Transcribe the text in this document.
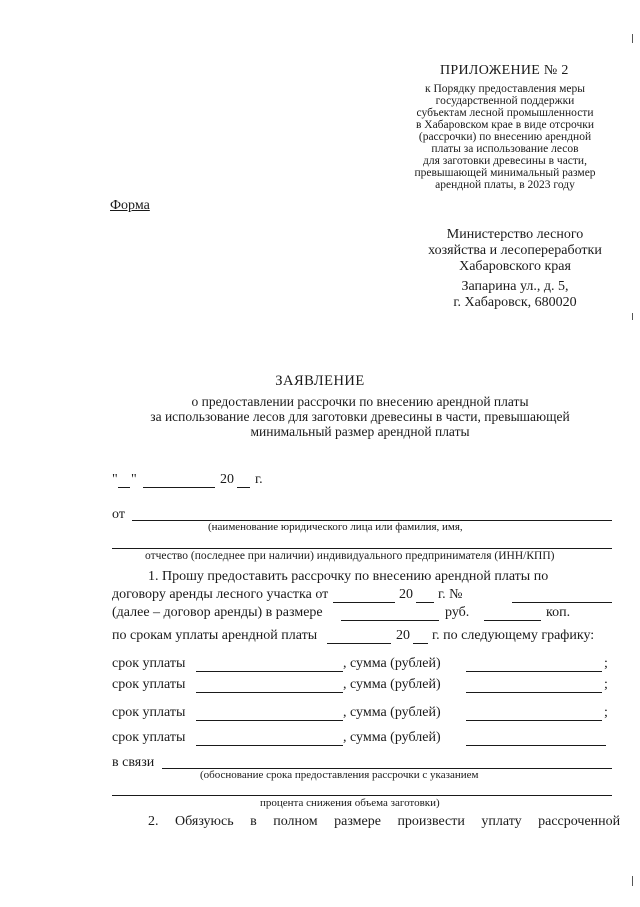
ПРИЛОЖЕНИЕ № 2
к Порядку предоставления меры
государственной поддержки
субъектам лесной промышленности
в Хабаровском крае в виде отсрочки
(рассрочки) по внесению арендной
платы за использование лесов
для заготовки древесины в части,
превышающей минимальный размер
арендной платы, в 2023 году
Форма
Министерство лесного
хозяйства и лесопереработки
Хабаровского края
Запарина ул., д. 5,
г. Хабаровск, 680020
ЗАЯВЛЕНИЕ
о предоставлении рассрочки по внесению арендной платы
за использование лесов для заготовки древесины в части, превышающей
минимальный размер арендной платы
" "	20 г.
от
(наименование юридического лица или фамилия, имя,
отчество (последнее при наличии) индивидуального предпринимателя (ИНН/КПП)
1. Прошу предоставить рассрочку по внесению арендной платы по
договору аренды лесного участка от	20 г. №
(далее – договор аренды) в размере	руб.	коп.
по срокам уплаты арендной платы	20 г. по следующему графику:
срок уплаты	, сумма (рублей)	;
срок уплаты	, сумма (рублей)	;
срок уплаты	, сумма (рублей)	;
срок уплаты	, сумма (рублей)
в связи
(обоснование срока предоставления рассрочки с указанием
процента снижения объема заготовки)
2. Обязуюсь в полном размере произвести уплату рассроченной
